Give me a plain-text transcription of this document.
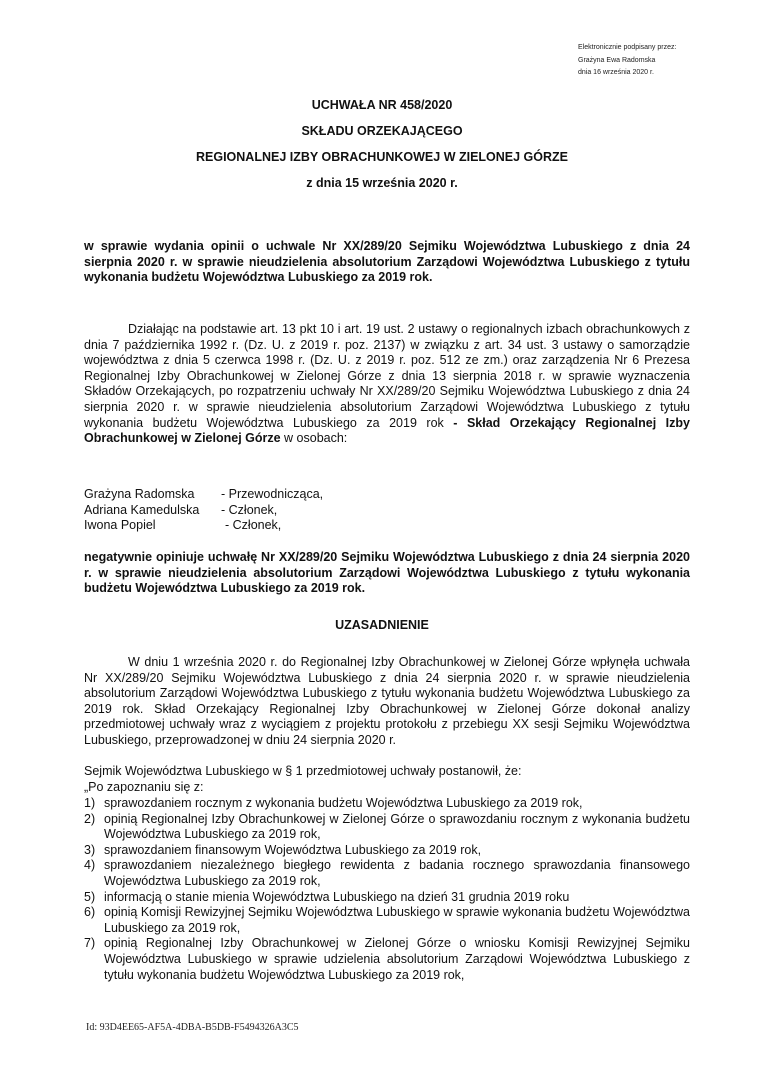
Elektronicznie podpisany przez:
Grażyna Ewa Radomska
dnia 16 września 2020 r.
UCHWAŁA NR 458/2020
SKŁADU ORZEKAJĄCEGO
REGIONALNEJ IZBY OBRACHUNKOWEJ W ZIELONEJ GÓRZE
z dnia 15 września 2020 r.
w sprawie wydania opinii o uchwale Nr XX/289/20 Sejmiku Województwa Lubuskiego z dnia 24 sierpnia 2020 r. w sprawie nieudzielenia absolutorium Zarządowi Województwa Lubuskiego z tytułu wykonania budżetu Województwa Lubuskiego za 2019 rok.
Działając na podstawie art. 13 pkt 10 i art. 19 ust. 2 ustawy o regionalnych izbach obrachunkowych z dnia 7 października 1992 r. (Dz. U. z 2019 r. poz. 2137) w związku z art. 34 ust. 3 ustawy o samorządzie województwa z dnia 5 czerwca 1998 r. (Dz. U. z 2019 r. poz. 512 ze zm.) oraz zarządzenia Nr 6 Prezesa Regionalnej Izby Obrachunkowej w Zielonej Górze z dnia 13 sierpnia 2018 r. w sprawie wyznaczenia Składów Orzekających, po rozpatrzeniu uchwały Nr XX/289/20 Sejmiku Województwa Lubuskiego z dnia 24 sierpnia 2020 r. w sprawie nieudzielenia absolutorium Zarządowi Województwa Lubuskiego z tytułu wykonania budżetu Województwa Lubuskiego za 2019 rok - Skład Orzekający Regionalnej Izby Obrachunkowej w Zielonej Górze w osobach:
Grażyna Radomska	- Przewodnicząca,
Adriana Kamedulska	- Członek,
Iwona Popiel	- Członek,
negatywnie opiniuje uchwałę Nr XX/289/20 Sejmiku Województwa Lubuskiego z dnia 24 sierpnia 2020 r. w sprawie nieudzielenia absolutorium Zarządowi Województwa Lubuskiego z tytułu wykonania budżetu Województwa Lubuskiego za 2019 rok.
UZASADNIENIE
W dniu 1 września 2020 r. do Regionalnej Izby Obrachunkowej w Zielonej Górze wpłynęła uchwała Nr XX/289/20 Sejmiku Województwa Lubuskiego z dnia 24 sierpnia 2020 r. w sprawie nieudzielenia absolutorium Zarządowi Województwa Lubuskiego z tytułu wykonania budżetu Województwa Lubuskiego za 2019 rok. Skład Orzekający Regionalnej Izby Obrachunkowej w Zielonej Górze dokonał analizy przedmiotowej uchwały wraz z wyciągiem z projektu protokołu z przebiegu XX sesji Sejmiku Województwa Lubuskiego, przeprowadzonej w dniu 24 sierpnia 2020 r.
Sejmik Województwa Lubuskiego w § 1 przedmiotowej uchwały postanowił, że:
„Po zapoznaniu się z:
1) sprawozdaniem rocznym z wykonania budżetu Województwa Lubuskiego za 2019 rok,
2) opinią Regionalnej Izby Obrachunkowej w Zielonej Górze o sprawozdaniu rocznym z wykonania budżetu Województwa Lubuskiego za 2019 rok,
3) sprawozdaniem finansowym Województwa Lubuskiego za 2019 rok,
4) sprawozdaniem niezależnego biegłego rewidenta z badania rocznego sprawozdania finansowego Województwa Lubuskiego za 2019 rok,
5) informacją o stanie mienia Województwa Lubuskiego na dzień 31 grudnia 2019 roku
6) opinią Komisji Rewizyjnej Sejmiku Województwa Lubuskiego w sprawie wykonania budżetu Województwa Lubuskiego za 2019 rok,
7) opinią Regionalnej Izby Obrachunkowej w Zielonej Górze o wniosku Komisji Rewizyjnej Sejmiku Województwa Lubuskiego w sprawie udzielenia absolutorium Zarządowi Województwa Lubuskiego z tytułu wykonania budżetu Województwa Lubuskiego za 2019 rok,
Id: 93D4EE65-AF5A-4DBA-B5DB-F5494326A3C5
